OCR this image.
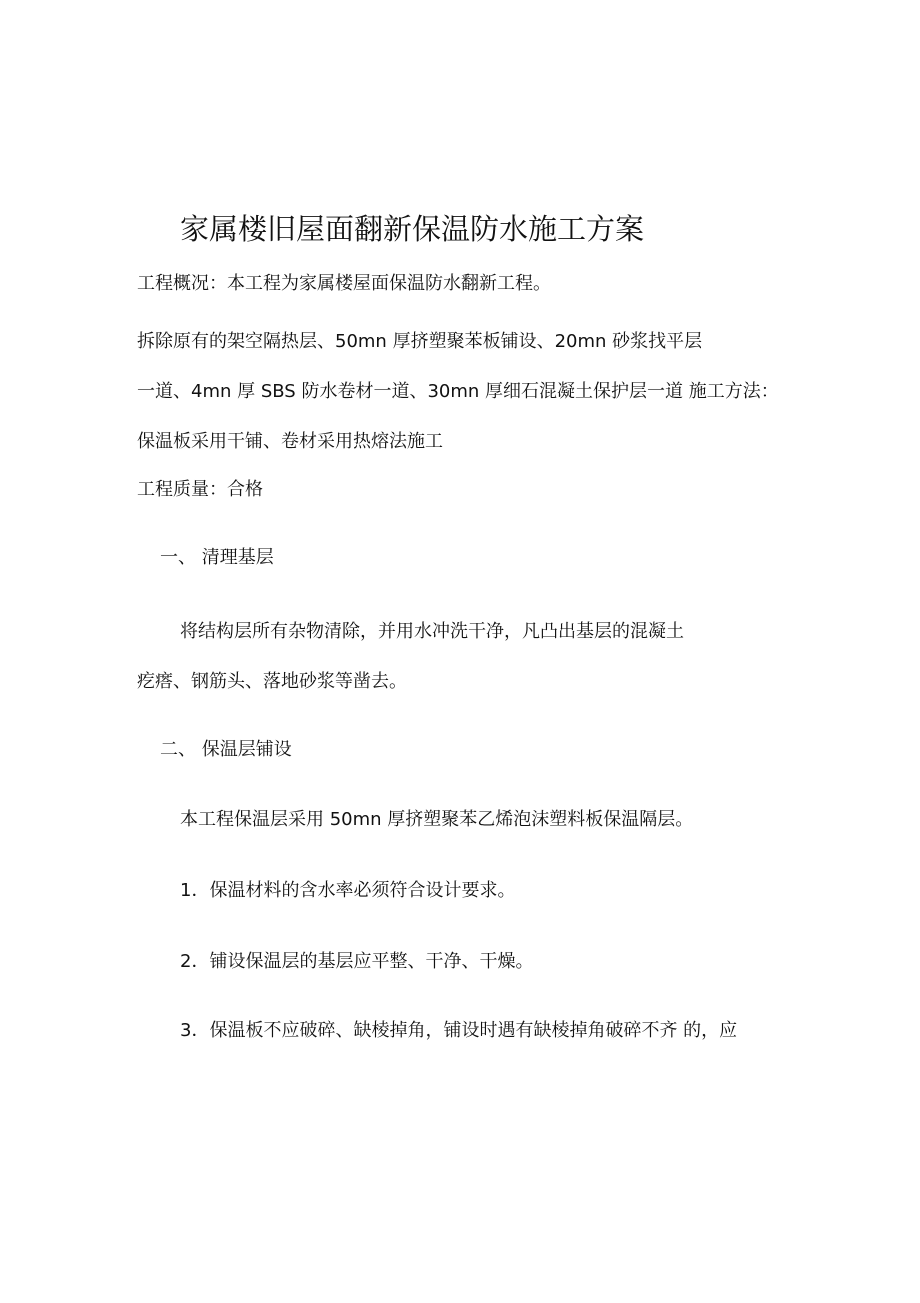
家属楼旧屋面翻新保温防水施工方案
工程概况：本工程为家属楼屋面保温防水翻新工程。
拆除原有的架空隔热层、50mn 厚挤塑聚苯板铺设、20mn 砂浆找平层
一道、4mn 厚 SBS 防水卷材一道、30mn 厚细石混凝土保护层一道 施工方法：
保温板采用干铺、卷材采用热熔法施工
工程质量：合格
一、 清理基层
将结构层所有杂物清除，并用水冲洗干净，凡凸出基层的混凝土
疙瘩、钢筋头、落地砂浆等凿去。
二、 保温层铺设
本工程保温层采用 50mn 厚挤塑聚苯乙烯泡沫塑料板保温隔层。
1．保温材料的含水率必须符合设计要求。
2．铺设保温层的基层应平整、干净、干燥。
3．保温板不应破碎、缺棱掉角，铺设时遇有缺棱掉角破碎不齐 的，应
